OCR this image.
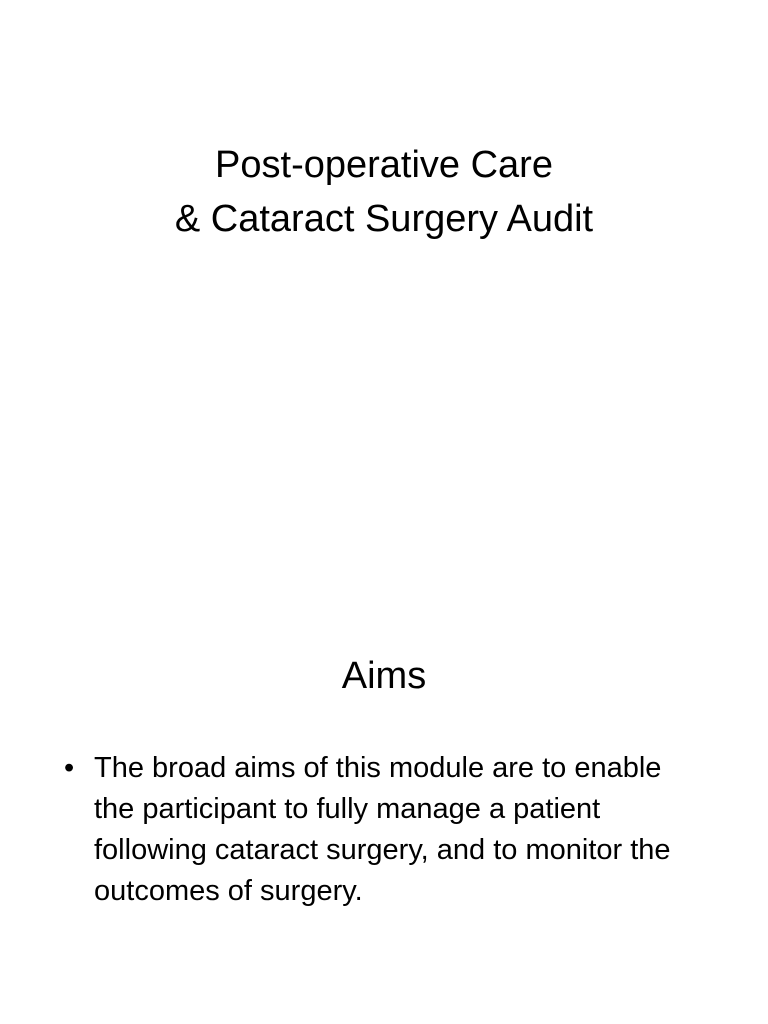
Post-operative Care
& Cataract Surgery Audit
Aims
• The broad aims of this module are to enable the participant to fully manage a patient following cataract surgery, and to monitor the outcomes of surgery.
